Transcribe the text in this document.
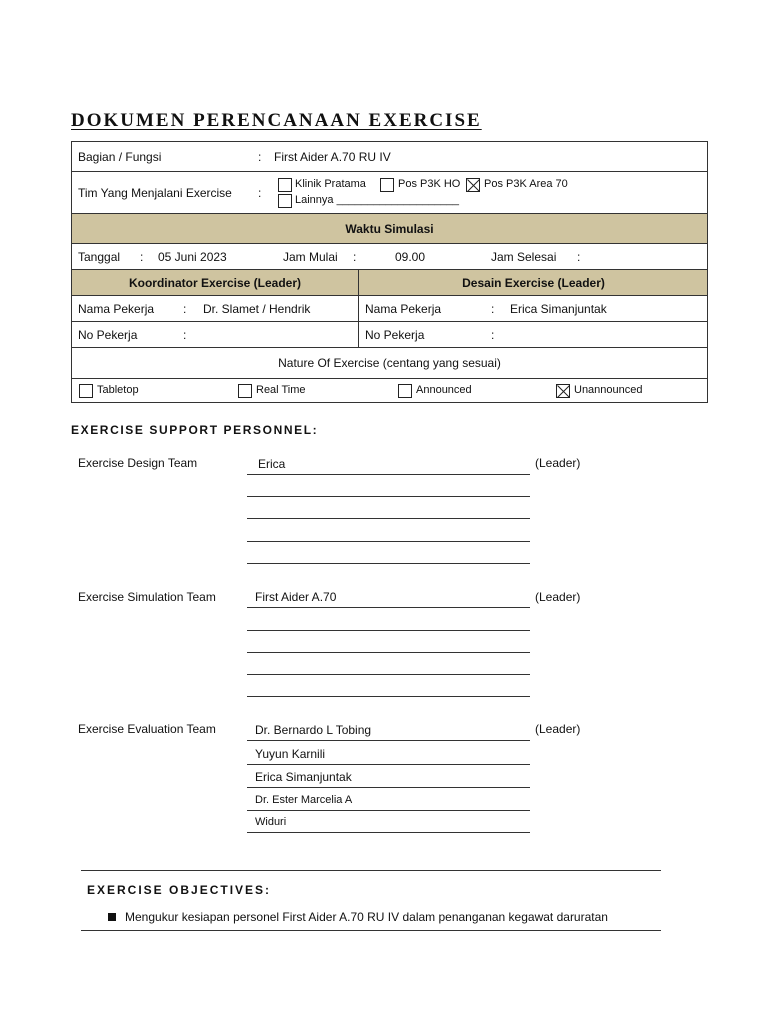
DOKUMEN PERENCANAAN EXERCISE
Bagian / Fungsi	: First Aider A.70 RU IV
Tim Yang Menjalani Exercise :
Klinik Pratama	Pos P3K HO Pos P3K Area 70
Lainnya ____________________
Waktu Simulasi
Tanggal : 05 Juni 2023	Jam Mulai :	09.00	Jam Selesai :
Koordinator Exercise (Leader)	Desain Exercise (Leader)
Nama Pekerja : Dr. Slamet / Hendrik	Nama Pekerja	: Erica Simanjuntak
No Pekerja	:	No Pekerja	:
Nature Of Exercise (centang yang sesuai)
Tabletop	Real Time	Announced	Unannounced
EXERCISE SUPPORT PERSONNEL:
Exercise Design Team	Erica	(Leader)
Exercise Simulation Team	First Aider A.70	(Leader)
Exercise Evaluation Team	Dr. Bernardo L Tobing	(Leader)
Yuyun Karnili
Erica Simanjuntak
Dr. Ester Marcelia A
Widuri
EXERCISE OBJECTIVES:
Mengukur kesiapan personel First Aider A.70 RU IV dalam penanganan kegawat daruratan
